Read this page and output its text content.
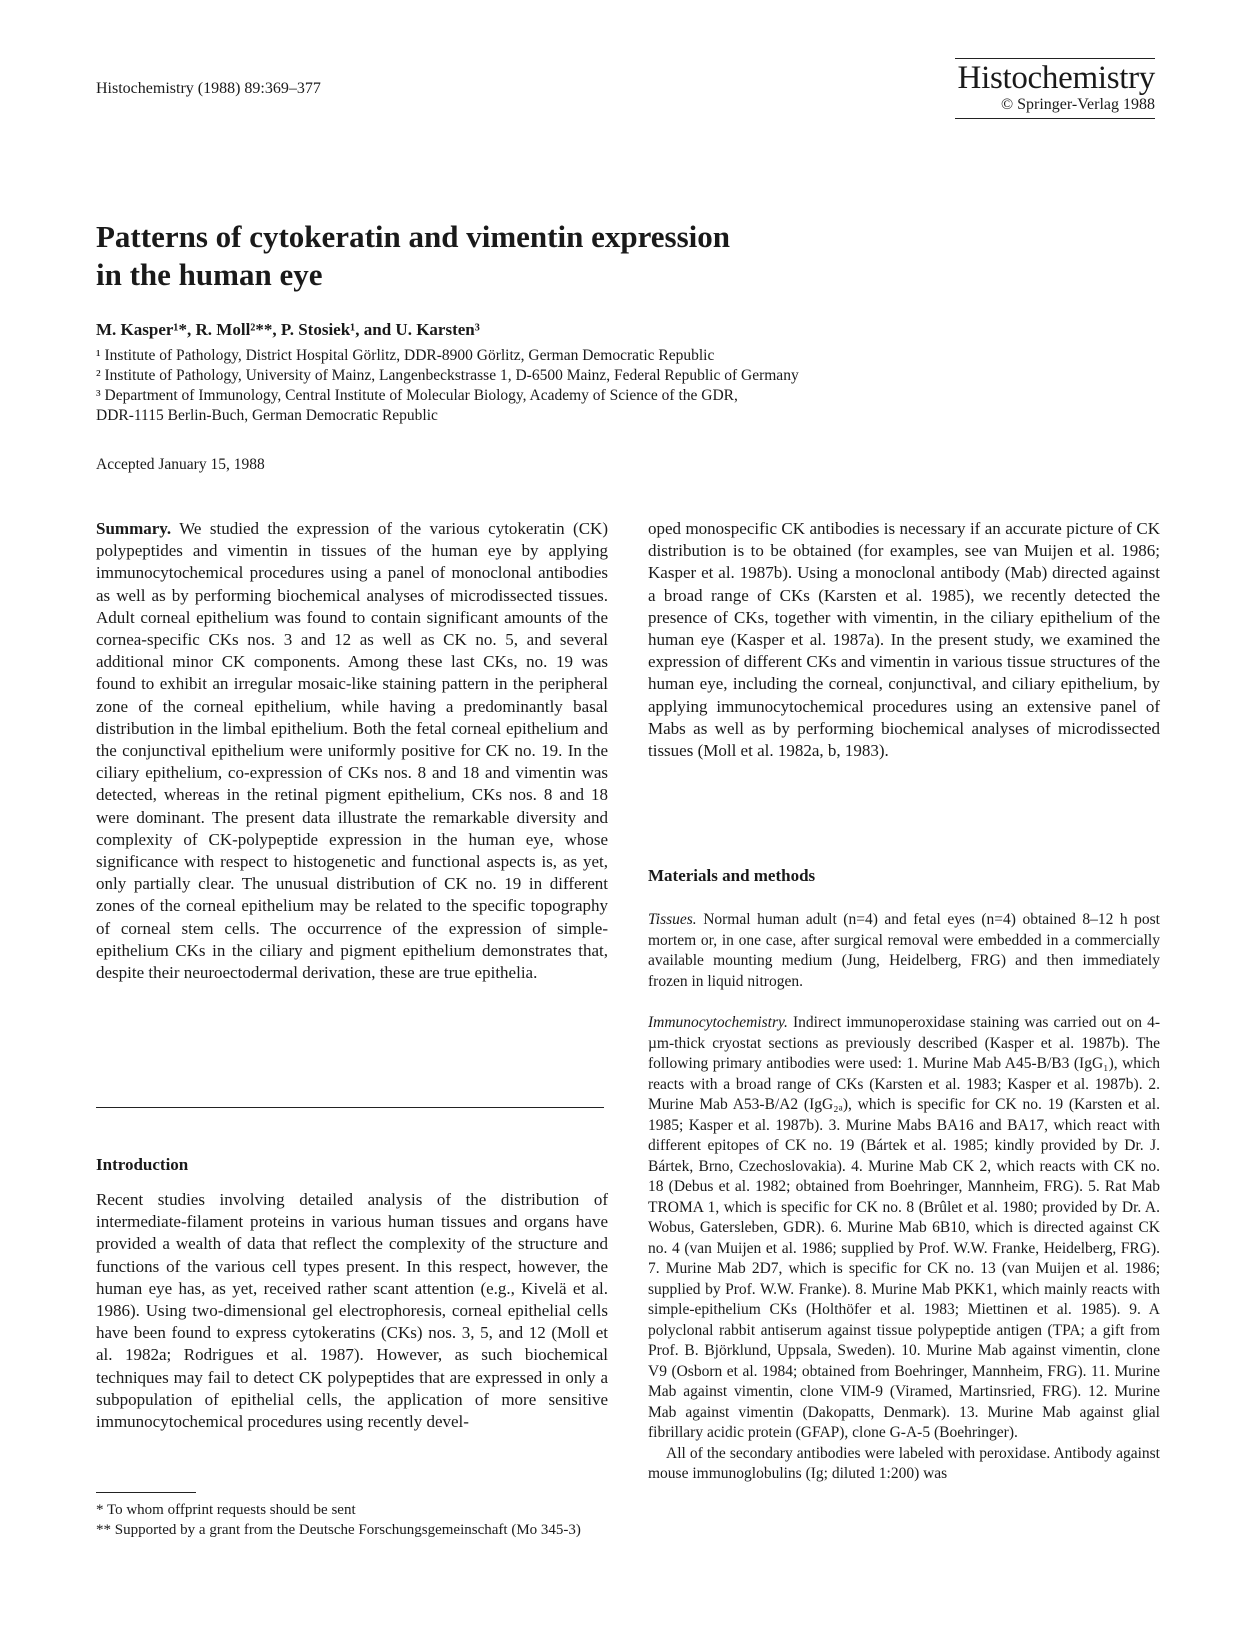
Histochemistry (1988) 89:369–377	Histochemistry
© Springer-Verlag 1988
Patterns of cytokeratin and vimentin expression
in the human eye
M. Kasper¹*, R. Moll²**, P. Stosiek¹, and U. Karsten³

¹ Institute of Pathology, District Hospital Görlitz, DDR-8900 Görlitz, German Democratic Republic

² Institute of Pathology, University of Mainz, Langenbeckstrasse 1, D-6500 Mainz, Federal Republic of Germany

³ Department of Immunology, Central Institute of Molecular Biology, Academy of Science of the GDR,

DDR-1115 Berlin-Buch, German Democratic Republic

Accepted January 15, 1988

Summary. We studied the expression of the various cytokeratin (CK) polypeptides and vimentin in tissues of the human eye by applying immunocytochemical procedures using a panel of monoclonal antibodies as well as by performing biochemical analyses of microdissected tissues. Adult corneal epithelium was found to contain significant amounts of the cornea-specific CKs nos. 3 and 12 as well as CK no. 5, and several additional minor CK components. Among these last CKs, no. 19 was found to exhibit an irregular mosaic-like staining pattern in the peripheral zone of the corneal epithelium, while having a predominantly basal distribution in the limbal epithelium. Both the fetal corneal epithelium and the conjunctival epithelium were uniformly positive for CK no. 19. In the ciliary epithelium, co-expression of CKs nos. 8 and 18 and vimentin was detected, whereas in the retinal pigment epithelium, CKs nos. 8 and 18 were dominant. The present data illustrate the remarkable diversity and complexity of CK-polypeptide expression in the human eye, whose significance with respect to histogenetic and functional aspects is, as yet, only partially clear. The unusual distribution of CK no. 19 in different zones of the corneal epithelium may be related to the specific topography of corneal stem cells. The occurrence of the expression of simple-epithelium CKs in the ciliary and pigment epithelium demonstrates that, despite their neuroectodermal derivation, these are true epithelia.

Introduction

Recent studies involving detailed analysis of the distribution of intermediate-filament proteins in various human tissues and organs have provided a wealth of data that reflect the complexity of the structure and functions of the various cell types present. In this respect, however, the human eye has, as yet, received rather scant attention (e.g., Kivelä et al. 1986). Using two-dimensional gel electrophoresis, corneal epithelial cells have been found to express cytokeratins (CKs) nos. 3, 5, and 12 (Moll et al. 1982a; Rodrigues et al. 1987). However, as such biochemical techniques may fail to detect CK polypeptides that are expressed in only a subpopulation of epithelial cells, the application of more sensitive immunocytochemical procedures using recently devel-

* To whom offprint requests should be sent

** Supported by a grant from the Deutsche Forschungsgemeinschaft (Mo 345-3)

oped monospecific CK antibodies is necessary if an accurate picture of CK distribution is to be obtained (for examples, see van Muijen et al. 1986; Kasper et al. 1987b). Using a monoclonal antibody (Mab) directed against a broad range of CKs (Karsten et al. 1985), we recently detected the presence of CKs, together with vimentin, in the ciliary epithelium of the human eye (Kasper et al. 1987a). In the present study, we examined the expression of different CKs and vimentin in various tissue structures of the human eye, including the corneal, conjunctival, and ciliary epithelium, by applying immunocytochemical procedures using an extensive panel of Mabs as well as by performing biochemical analyses of microdissected tissues (Moll et al. 1982a, b, 1983).

Materials and methods
Tissues. Normal human adult (n=4) and fetal eyes (n=4) obtained 8–12 h post mortem or, in one case, after surgical removal were embedded in a commercially available mounting medium (Jung, Heidelberg, FRG) and then immediately frozen in liquid nitrogen.

Immunocytochemistry. Indirect immunoperoxidase staining was carried out on 4-µm-thick cryostat sections as previously described (Kasper et al. 1987b). The following primary antibodies were used: 1. Murine Mab A45-B/B3 (IgG₁), which reacts with a broad range of CKs (Karsten et al. 1983; Kasper et al. 1987b). 2. Murine Mab A53-B/A2 (IgG₂ₐ), which is specific for CK no. 19 (Karsten et al. 1985; Kasper et al. 1987b). 3. Murine Mabs BA16 and BA17, which react with different epitopes of CK no. 19 (Bártek et al. 1985; kindly provided by Dr. J. Bártek, Brno, Czechoslovakia). 4. Murine Mab CK 2, which reacts with CK no. 18 (Debus et al. 1982; obtained from Boehringer, Mannheim, FRG). 5. Rat Mab TROMA 1, which is specific for CK no. 8 (Brûlet et al. 1980; provided by Dr. A. Wobus, Gatersleben, GDR). 6. Murine Mab 6B10, which is directed against CK no. 4 (van Muijen et al. 1986; supplied by Prof. W.W. Franke, Heidelberg, FRG). 7. Murine Mab 2D7, which is specific for CK no. 13 (van Muijen et al. 1986; supplied by Prof. W.W. Franke). 8. Murine Mab PKK1, which mainly reacts with simple-epithelium CKs (Holthöfer et al. 1983; Miettinen et al. 1985). 9. A polyclonal rabbit antiserum against tissue polypeptide antigen (TPA; a gift from Prof. B. Björklund, Uppsala, Sweden). 10. Murine Mab against vimentin, clone V9 (Osborn et al. 1984; obtained from Boehringer, Mannheim, FRG). 11. Murine Mab against vimentin, clone VIM-9 (Viramed, Martinsried, FRG). 12. Murine Mab against vimentin (Dakopatts, Denmark). 13. Murine Mab against glial fibrillary acidic protein (GFAP), clone G-A-5 (Boehringer).

All of the secondary antibodies were labeled with peroxidase. Antibody against mouse immunoglobulins (Ig; diluted 1:200) was
